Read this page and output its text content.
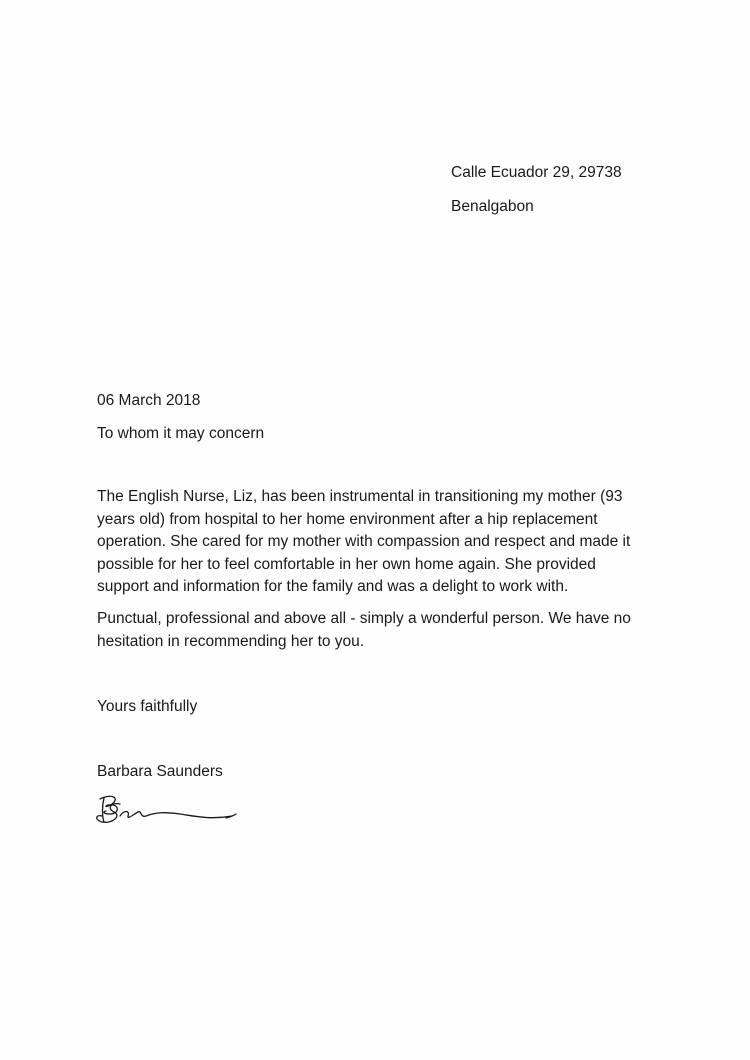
Calle Ecuador 29, 29738
Benalgabon
06 March 2018
To whom it may concern
The English Nurse, Liz, has been instrumental in transitioning my mother (93
years old) from hospital to her home environment after a hip replacement
operation. She cared for my mother with compassion and respect and made it
possible for her to feel comfortable in her own home again. She provided
support and information for the family and was a delight to work with.
Punctual, professional and above all - simply a wonderful person. We have no
hesitation in recommending her to you.
Yours faithfully
Barbara Saunders
